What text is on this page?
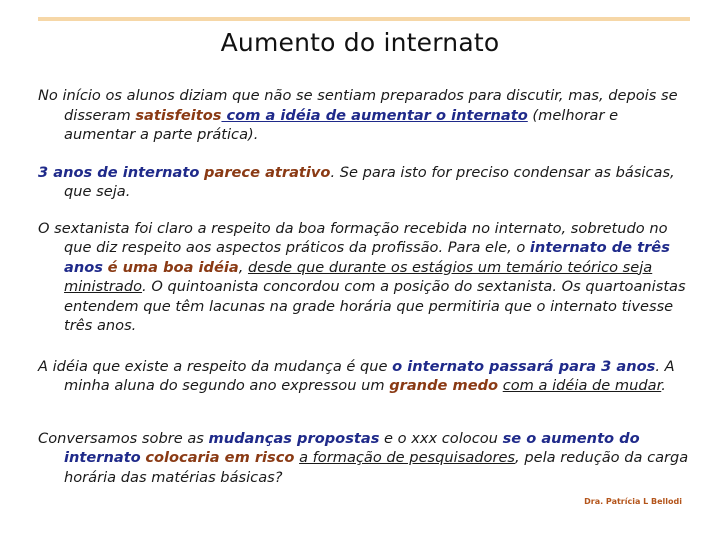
Aumento do internato

No início os alunos diziam que não se sentiam preparados para discutir, mas, depois se disseram satisfeitos com a idéia de aumentar o internato (melhorar e aumentar a parte prática).

3 anos de internato parece atrativo. Se para isto for preciso condensar as básicas, que seja.

O sextanista foi claro a respeito da boa formação recebida no internato, sobretudo no que diz respeito aos aspectos práticos da profissão. Para ele, o internato de três anos é uma boa idéia, desde que durante os estágios um temário teórico seja ministrado. O quintoanista concordou com a posição do sextanista. Os quartoanistas entendem que têm lacunas na grade horária que permitiria que o internato tivesse três anos.

A idéia que existe a respeito da mudança é que o internato passará para 3 anos. A minha aluna do segundo ano expressou um grande medo com a idéia de mudar.

Conversamos sobre as mudanças propostas e o xxx colocou se o aumento do internato colocaria em risco a formação de pesquisadores, pela redução da carga horária das matérias básicas?

Dra. Patrícia L Bellodi
